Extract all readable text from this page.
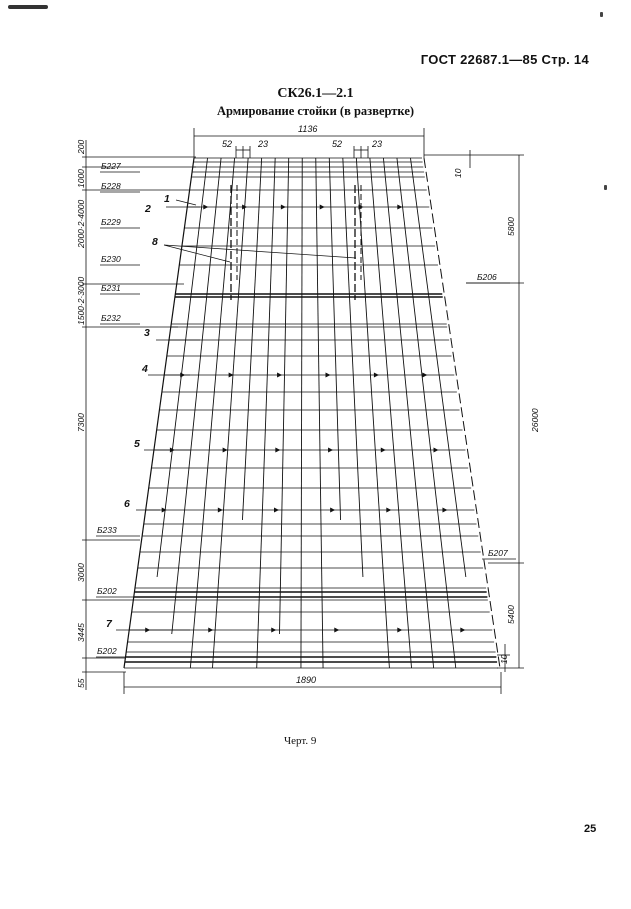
ГОСТ 22687.1—85 Стр. 14
СК26.1—2.1
Армирование стойки (в развертке)
1136
1890
52	23	52	23
10
5800
26000
5400
10
200
1000
2000·2·4000
1500·2·3000
7300
3000
3445
55
Б227
Б228
Б229
Б230
Б231
Б232
Б233
Б202
Б202
Б206
Б207
1
2
3
4
5
6
7
8
Черт. 9
25
